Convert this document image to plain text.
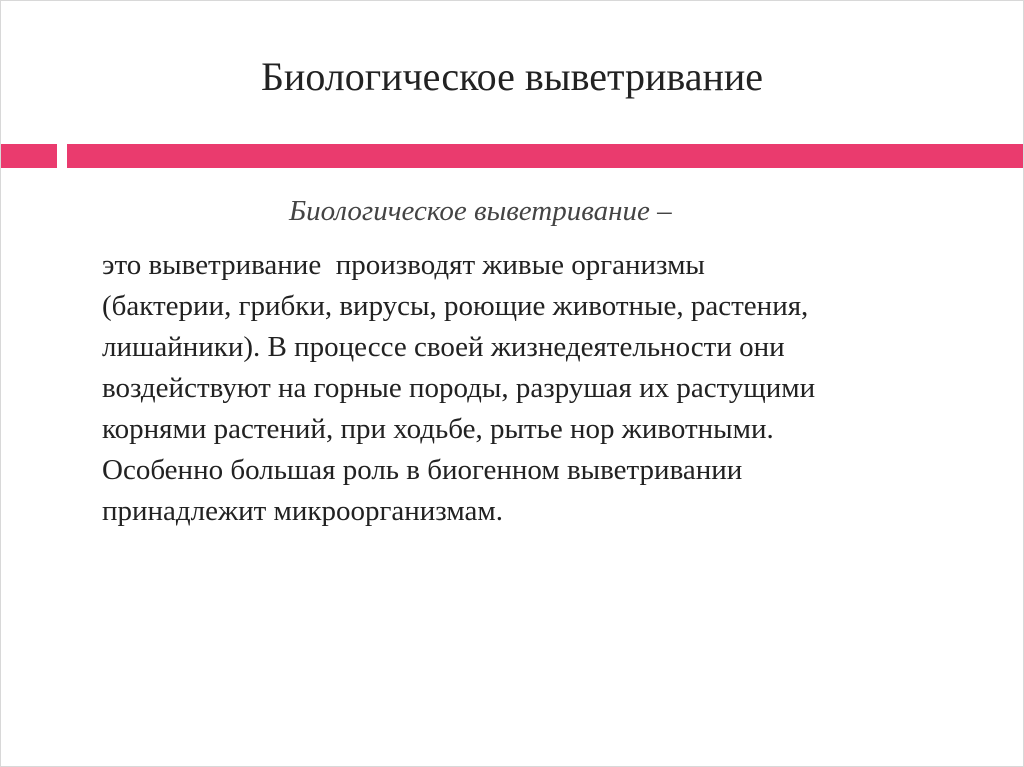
Биологическое выветривание
Биологическое выветривание –
это выветривание  производят живые организмы
(бактерии, грибки, вирусы, роющие животные, растения,
лишайники). В процессе своей жизнедеятельности они
воздействуют на горные породы, разрушая их растущими
корнями растений, при ходьбе, рытье нор животными.
Особенно большая роль в биогенном выветривании
принадлежит микроорганизмам.
